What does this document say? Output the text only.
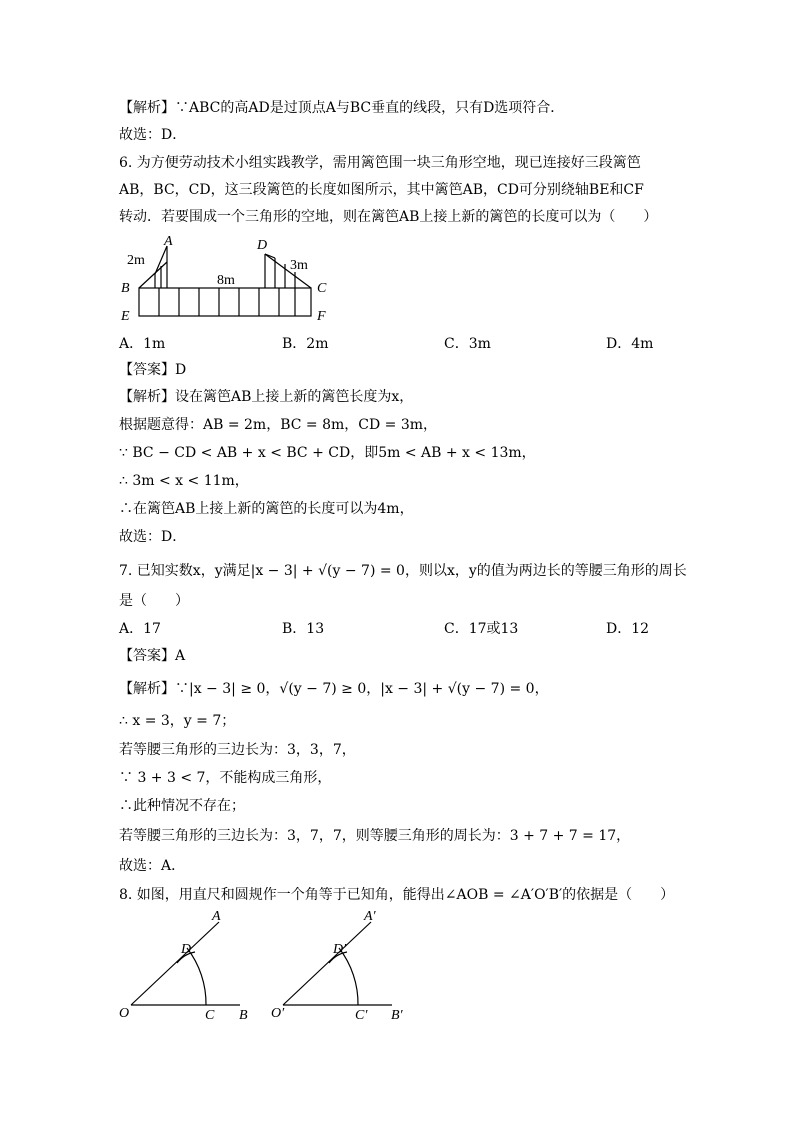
【解析】∵ABC的高AD是过顶点A与BC垂直的线段，只有D选项符合．
故选：D．
6. 为方便劳动技术小组实践教学，需用篱笆围一块三角形空地，现已连接好三段篱笆
AB，BC，CD，这三段篱笆的长度如图所示，其中篱笆AB，CD可分别绕轴BE和CF
转动．若要围成一个三角形的空地，则在篱笆AB上接上新的篱笆的长度可以为（　　）
A	D
2m
8m
3m
B	C
E	F
A．1m	B．2m	C．3m	D．4m
【答案】D
【解析】设在篱笆AB上接上新的篱笆长度为x，
根据题意得：AB = 2m，BC = 8m，CD = 3m，
∵ BC − CD < AB + x < BC + CD，即5m < AB + x < 13m，
∴ 3m < x < 11m，
∴在篱笆AB上接上新的篱笆的长度可以为4m，
故选：D．
7. 已知实数x，y满足|x − 3| + √(y − 7) = 0，则以x，y的值为两边长的等腰三角形的周长
是（　　）
A．17	B．13	C．17或13	D．12
【答案】A
【解析】∵|x − 3| ≥ 0，√(y − 7) ≥ 0，|x − 3| + √(y − 7) = 0，
∴ x = 3，y = 7；
若等腰三角形的三边长为：3，3，7，
∵ 3 + 3 < 7，不能构成三角形，
∴此种情况不存在；
若等腰三角形的三边长为：3，7，7，则等腰三角形的周长为：3 + 7 + 7 = 17，
故选：A．
8. 如图，用直尺和圆规作一个角等于已知角，能得出∠AOB = ∠A′O′B′的依据是（　　）
A
D
O	C B
A′
D′
O′	C′ B′
